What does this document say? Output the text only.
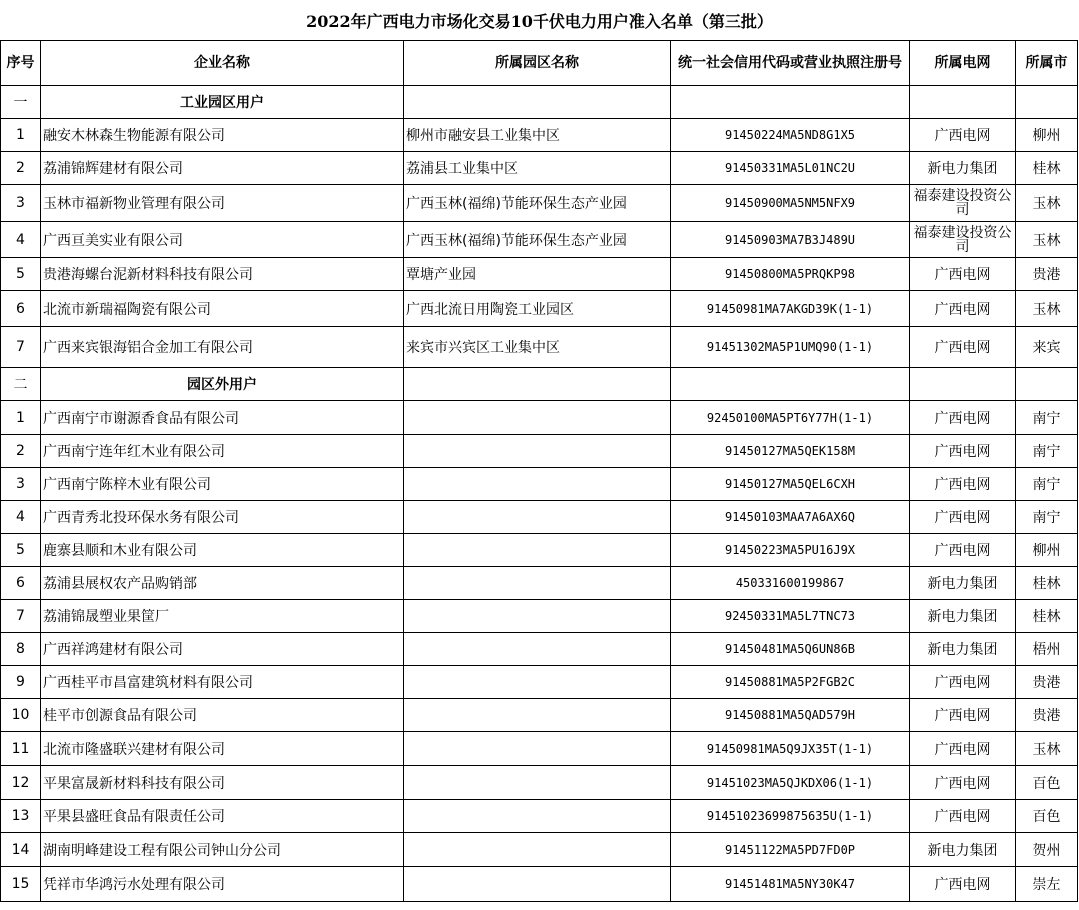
2022年广西电力市场化交易10千伏电力用户准入名单（第三批）
序号	企业名称	所属园区名称	统一社会信用代码或营业执照注册号	所属电网	所属市
一	工业园区用户				
1	融安木林森生物能源有限公司	柳州市融安县工业集中区	91450224MA5ND8G1X5	广西电网	柳州
2	荔浦锦辉建材有限公司	荔浦县工业集中区	91450331MA5L01NC2U	新电力集团	桂林
3	玉林市福新物业管理有限公司	广西玉林(福绵)节能环保生态产业园	91450900MA5NM5NFX9	福泰建设投资公司	玉林
4	广西亘美实业有限公司	广西玉林(福绵)节能环保生态产业园	91450903MA7B3J489U	福泰建设投资公司	玉林
5	贵港海螺台泥新材料科技有限公司	覃塘产业园	91450800MA5PRQKP98	广西电网	贵港
6	北流市新瑞福陶瓷有限公司	广西北流日用陶瓷工业园区	91450981MA7AKGD39K(1-1)	广西电网	玉林
7	广西来宾银海铝合金加工有限公司	来宾市兴宾区工业集中区	91451302MA5P1UMQ90(1-1)	广西电网	来宾
二	园区外用户				
1	广西南宁市谢源香食品有限公司		92450100MA5PT6Y77H(1-1)	广西电网	南宁
2	广西南宁连年红木业有限公司		91450127MA5QEK158M	广西电网	南宁
3	广西南宁陈梓木业有限公司		91450127MA5QEL6CXH	广西电网	南宁
4	广西青秀北投环保水务有限公司		91450103MAA7A6AX6Q	广西电网	南宁
5	鹿寨县顺和木业有限公司		91450223MA5PU16J9X	广西电网	柳州
6	荔浦县展权农产品购销部		450331600199867	新电力集团	桂林
7	荔浦锦晟塑业果筐厂		92450331MA5L7TNC73	新电力集团	桂林
8	广西祥鸿建材有限公司		91450481MA5Q6UN86B	新电力集团	梧州
9	广西桂平市昌富建筑材料有限公司		91450881MA5P2FGB2C	广西电网	贵港
10	桂平市创源食品有限公司		91450881MA5QAD579H	广西电网	贵港
11	北流市隆盛联兴建材有限公司		91450981MA5Q9JX35T(1-1)	广西电网	玉林
12	平果富晟新材料科技有限公司		91451023MA5QJKDX06(1-1)	广西电网	百色
13	平果县盛旺食品有限责任公司		91451023699875635U(1-1)	广西电网	百色
14	湖南明峰建设工程有限公司钟山分公司		91451122MA5PD7FD0P	新电力集团	贺州
15	凭祥市华鸿污水处理有限公司		91451481MA5NY30K47	广西电网	崇左
